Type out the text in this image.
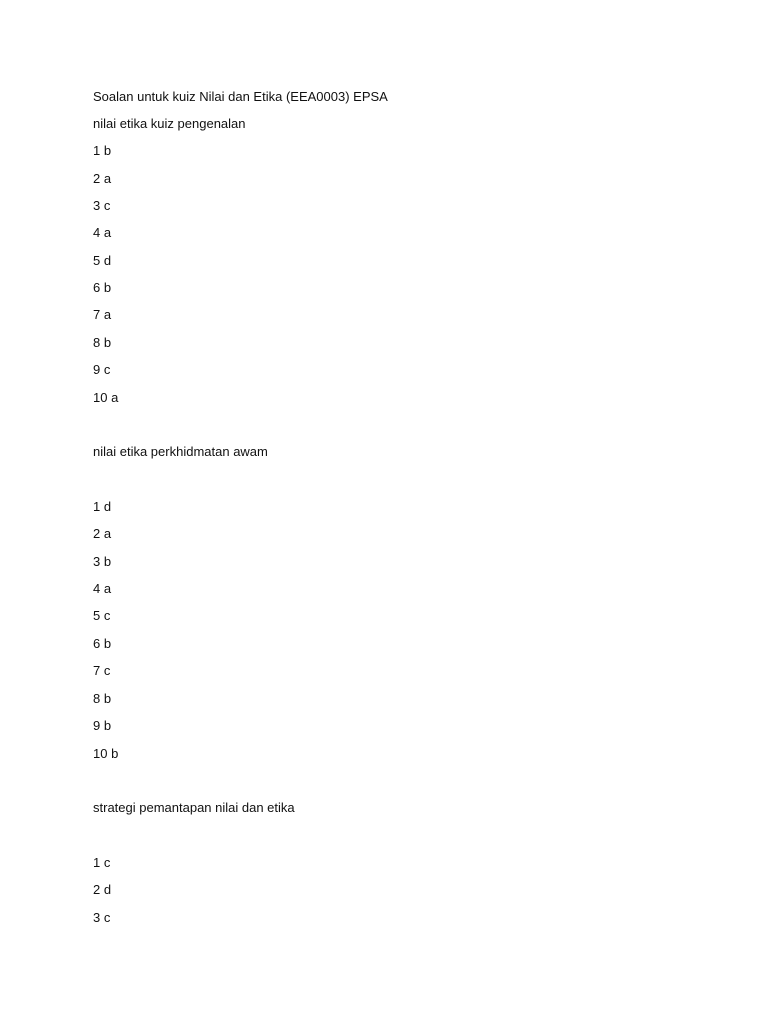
Soalan untuk kuiz Nilai dan Etika (EEA0003) EPSA

nilai etika kuiz pengenalan

1 b

2 a

3 c

4 a

5 d

6 b

7 a

8 b

9 c

10 a

nilai etika perkhidmatan awam

1 d

2 a

3 b

4 a

5 c

6 b

7 c

8 b

9 b

10 b

strategi pemantapan nilai dan etika

1 c

2 d

3 c
